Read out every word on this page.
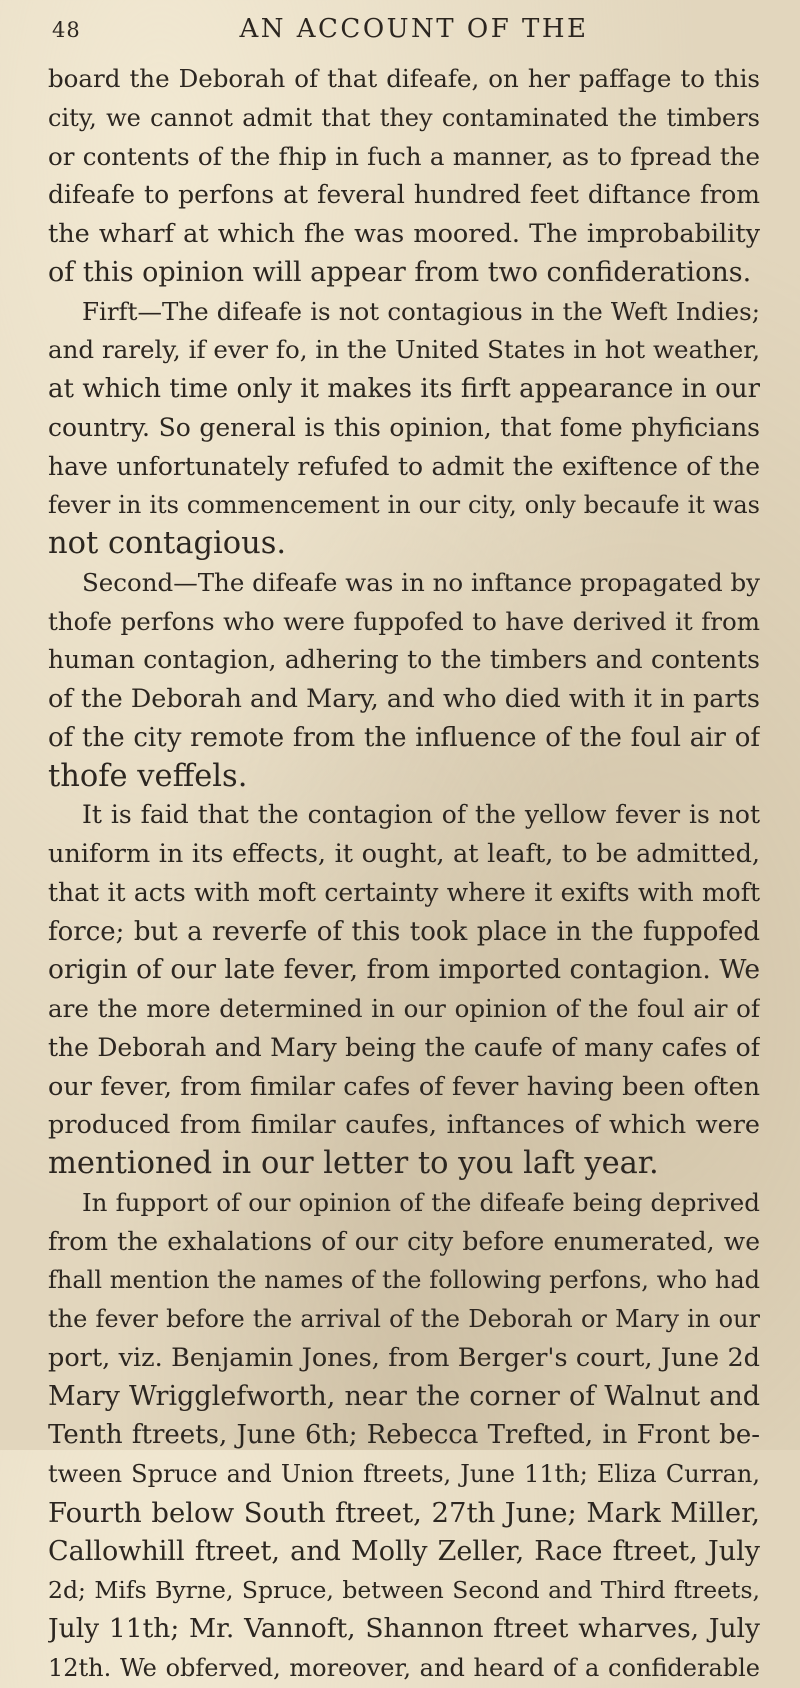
48	AN ACCOUNT OF THE
board the Deborah of that difeafe, on her paffage to this
city, we cannot admit that they contaminated the timbers
or contents of the fhip in fuch a manner, as to fpread the
difeafe to perfons at feveral hundred feet diftance from
the wharf at which fhe was moored. The improbability
of this opinion will appear from two confiderations.
Firft—The difeafe is not contagious in the Weft Indies;
and rarely, if ever fo, in the United States in hot weather,
at which time only it makes its firft appearance in our
country. So general is this opinion, that fome phyficians
have unfortunately refufed to admit the exiftence of the
fever in its commencement in our city, only becaufe it was
not contagious.
Second—The difeafe was in no inftance propagated by
thofe perfons who were fuppofed to have derived it from
human contagion, adhering to the timbers and contents
of the Deborah and Mary, and who died with it in parts
of the city remote from the influence of the foul air of
thofe veffels.
It is faid that the contagion of the yellow fever is not
uniform in its effects, it ought, at leaft, to be admitted,
that it acts with moft certainty where it exifts with moft
force; but a reverfe of this took place in the fuppofed
origin of our late fever, from imported contagion. We
are the more determined in our opinion of the foul air of
the Deborah and Mary being the caufe of many cafes of
our fever, from fimilar cafes of fever having been often
produced from fimilar caufes, inftances of which were
mentioned in our letter to you laft year.
In fupport of our opinion of the difeafe being deprived
from the exhalations of our city before enumerated, we
fhall mention the names of the following perfons, who had
the fever before the arrival of the Deborah or Mary in our
port, viz. Benjamin Jones, from Berger's court, June 2d
Mary Wrigglefworth, near the corner of Walnut and
Tenth ftreets, June 6th; Rebecca Trefted, in Front be-
tween Spruce and Union ftreets, June 11th; Eliza Curran,
Fourth below South ftreet, 27th June; Mark Miller,
Callowhill ftreet, and Molly Zeller, Race ftreet, July
2d; Mifs Byrne, Spruce, between Second and Third ftreets,
July 11th; Mr. Vannoft, Shannon ftreet wharves, July
12th. We obferved, moreover, and heard of a confiderable
